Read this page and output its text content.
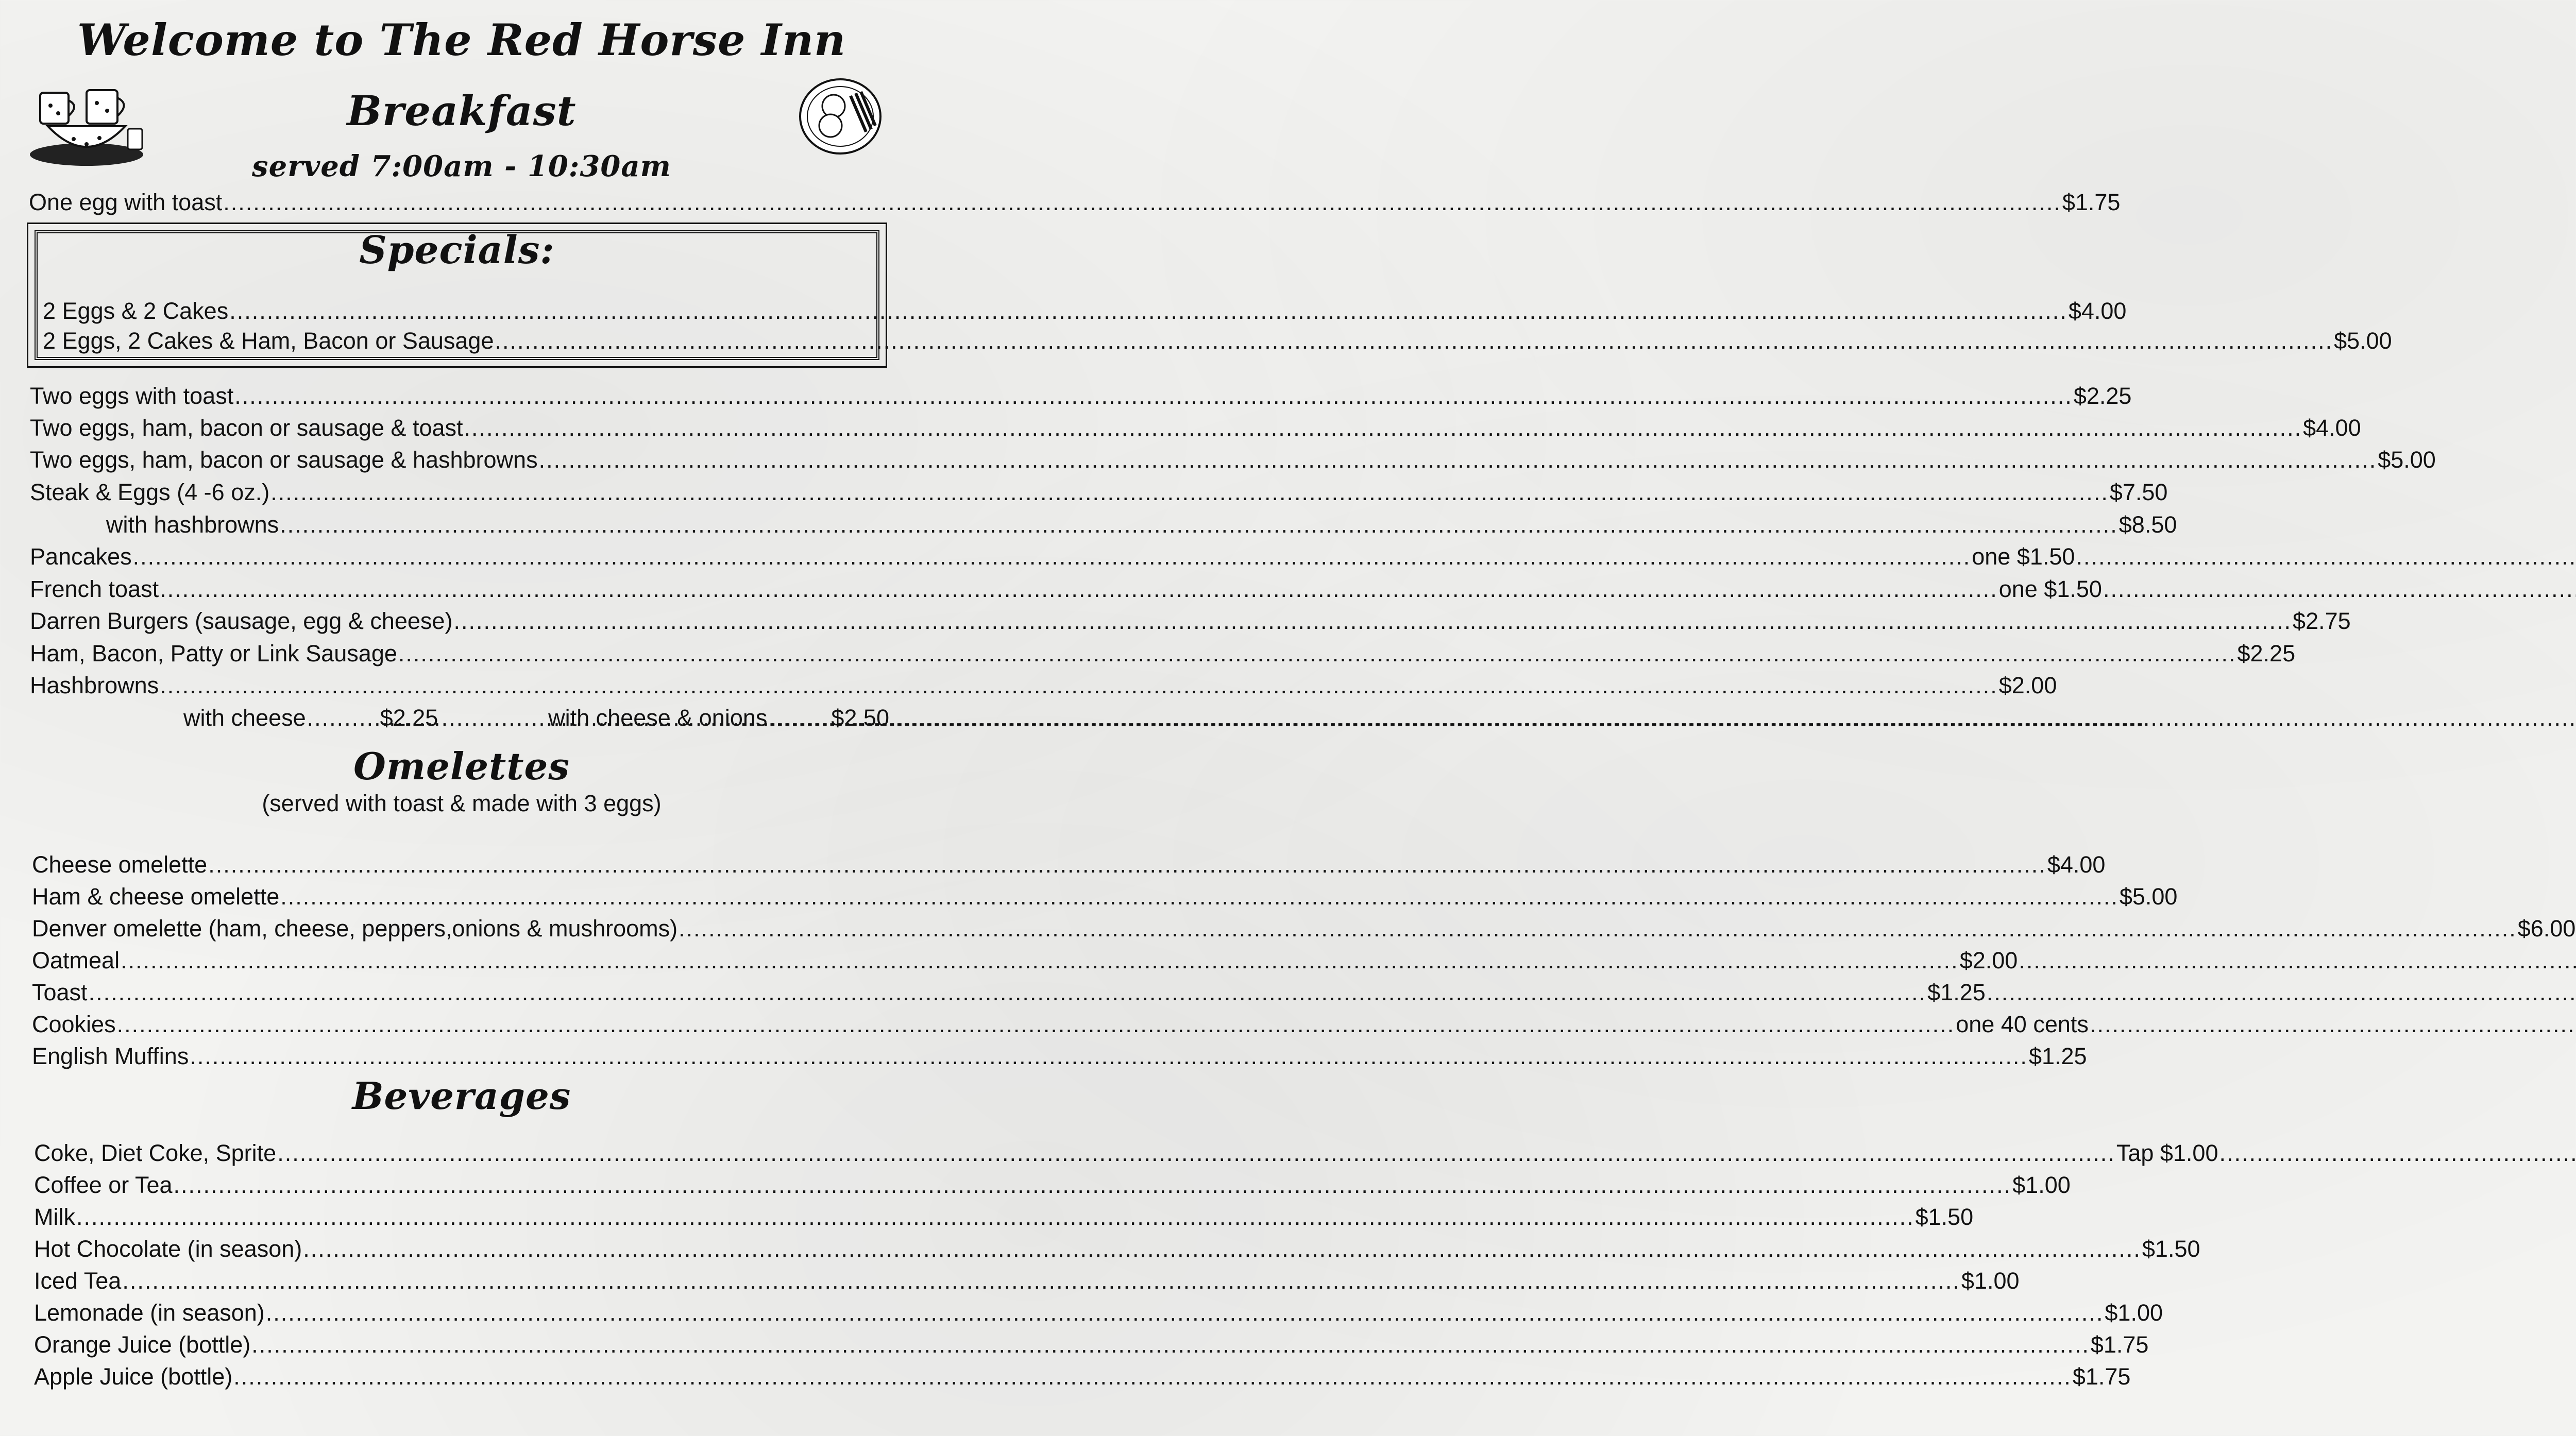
Welcome to The Red Horse Inn
Breakfast
served 7:00am - 10:30am
One egg with toast .....	$1.75
Specials:
2 Eggs & 2 Cakes .....	$4.00
2 Eggs, 2 Cakes & Ham, Bacon or Sausage .....	$5.00
Two eggs with toast .....	$2.25
Two eggs, ham, bacon or sausage & toast .....	$4.00
Two eggs, ham, bacon or sausage & hashbrowns .....	$5.00
Steak & Eggs (4 -6 oz.) .....	$7.50
with hashbrowns .....	$8.50
Pancakes .....	one $1.50
.....
French toast .....	one $1.50
.....
Darren Burgers (sausage, egg & cheese) .....	$2.75
Ham, Bacon, Patty or Link Sausage .....	$2.25
Hashbrowns .....	$2.00
with cheese .....	$2.25	with cheese & onions .....	$2.50
Omelettes
(served with toast & made with 3 eggs)
Cheese omelette .....	$4.00
Ham & cheese omelette .....	$5.00
Denver omelette (ham, cheese, peppers,onions & mushrooms) .....	$6.00
Oatmeal .....	$2.00
.....
Toast .....	$1.25
.....
Cookies .....	one 40 cents
.....
English Muffins .....	$1.25
Beverages
Coke, Diet Coke, Sprite .....	Tap $1.00
.....
Coffee or Tea .....	$1.00
Milk .....	$1.50
Hot Chocolate (in season) .....	$1.50
Iced Tea .....	$1.00
Lemonade (in season) .....	$1.00
Orange Juice (bottle) .....	$1.75
Apple Juice (bottle) .....	$1.75
